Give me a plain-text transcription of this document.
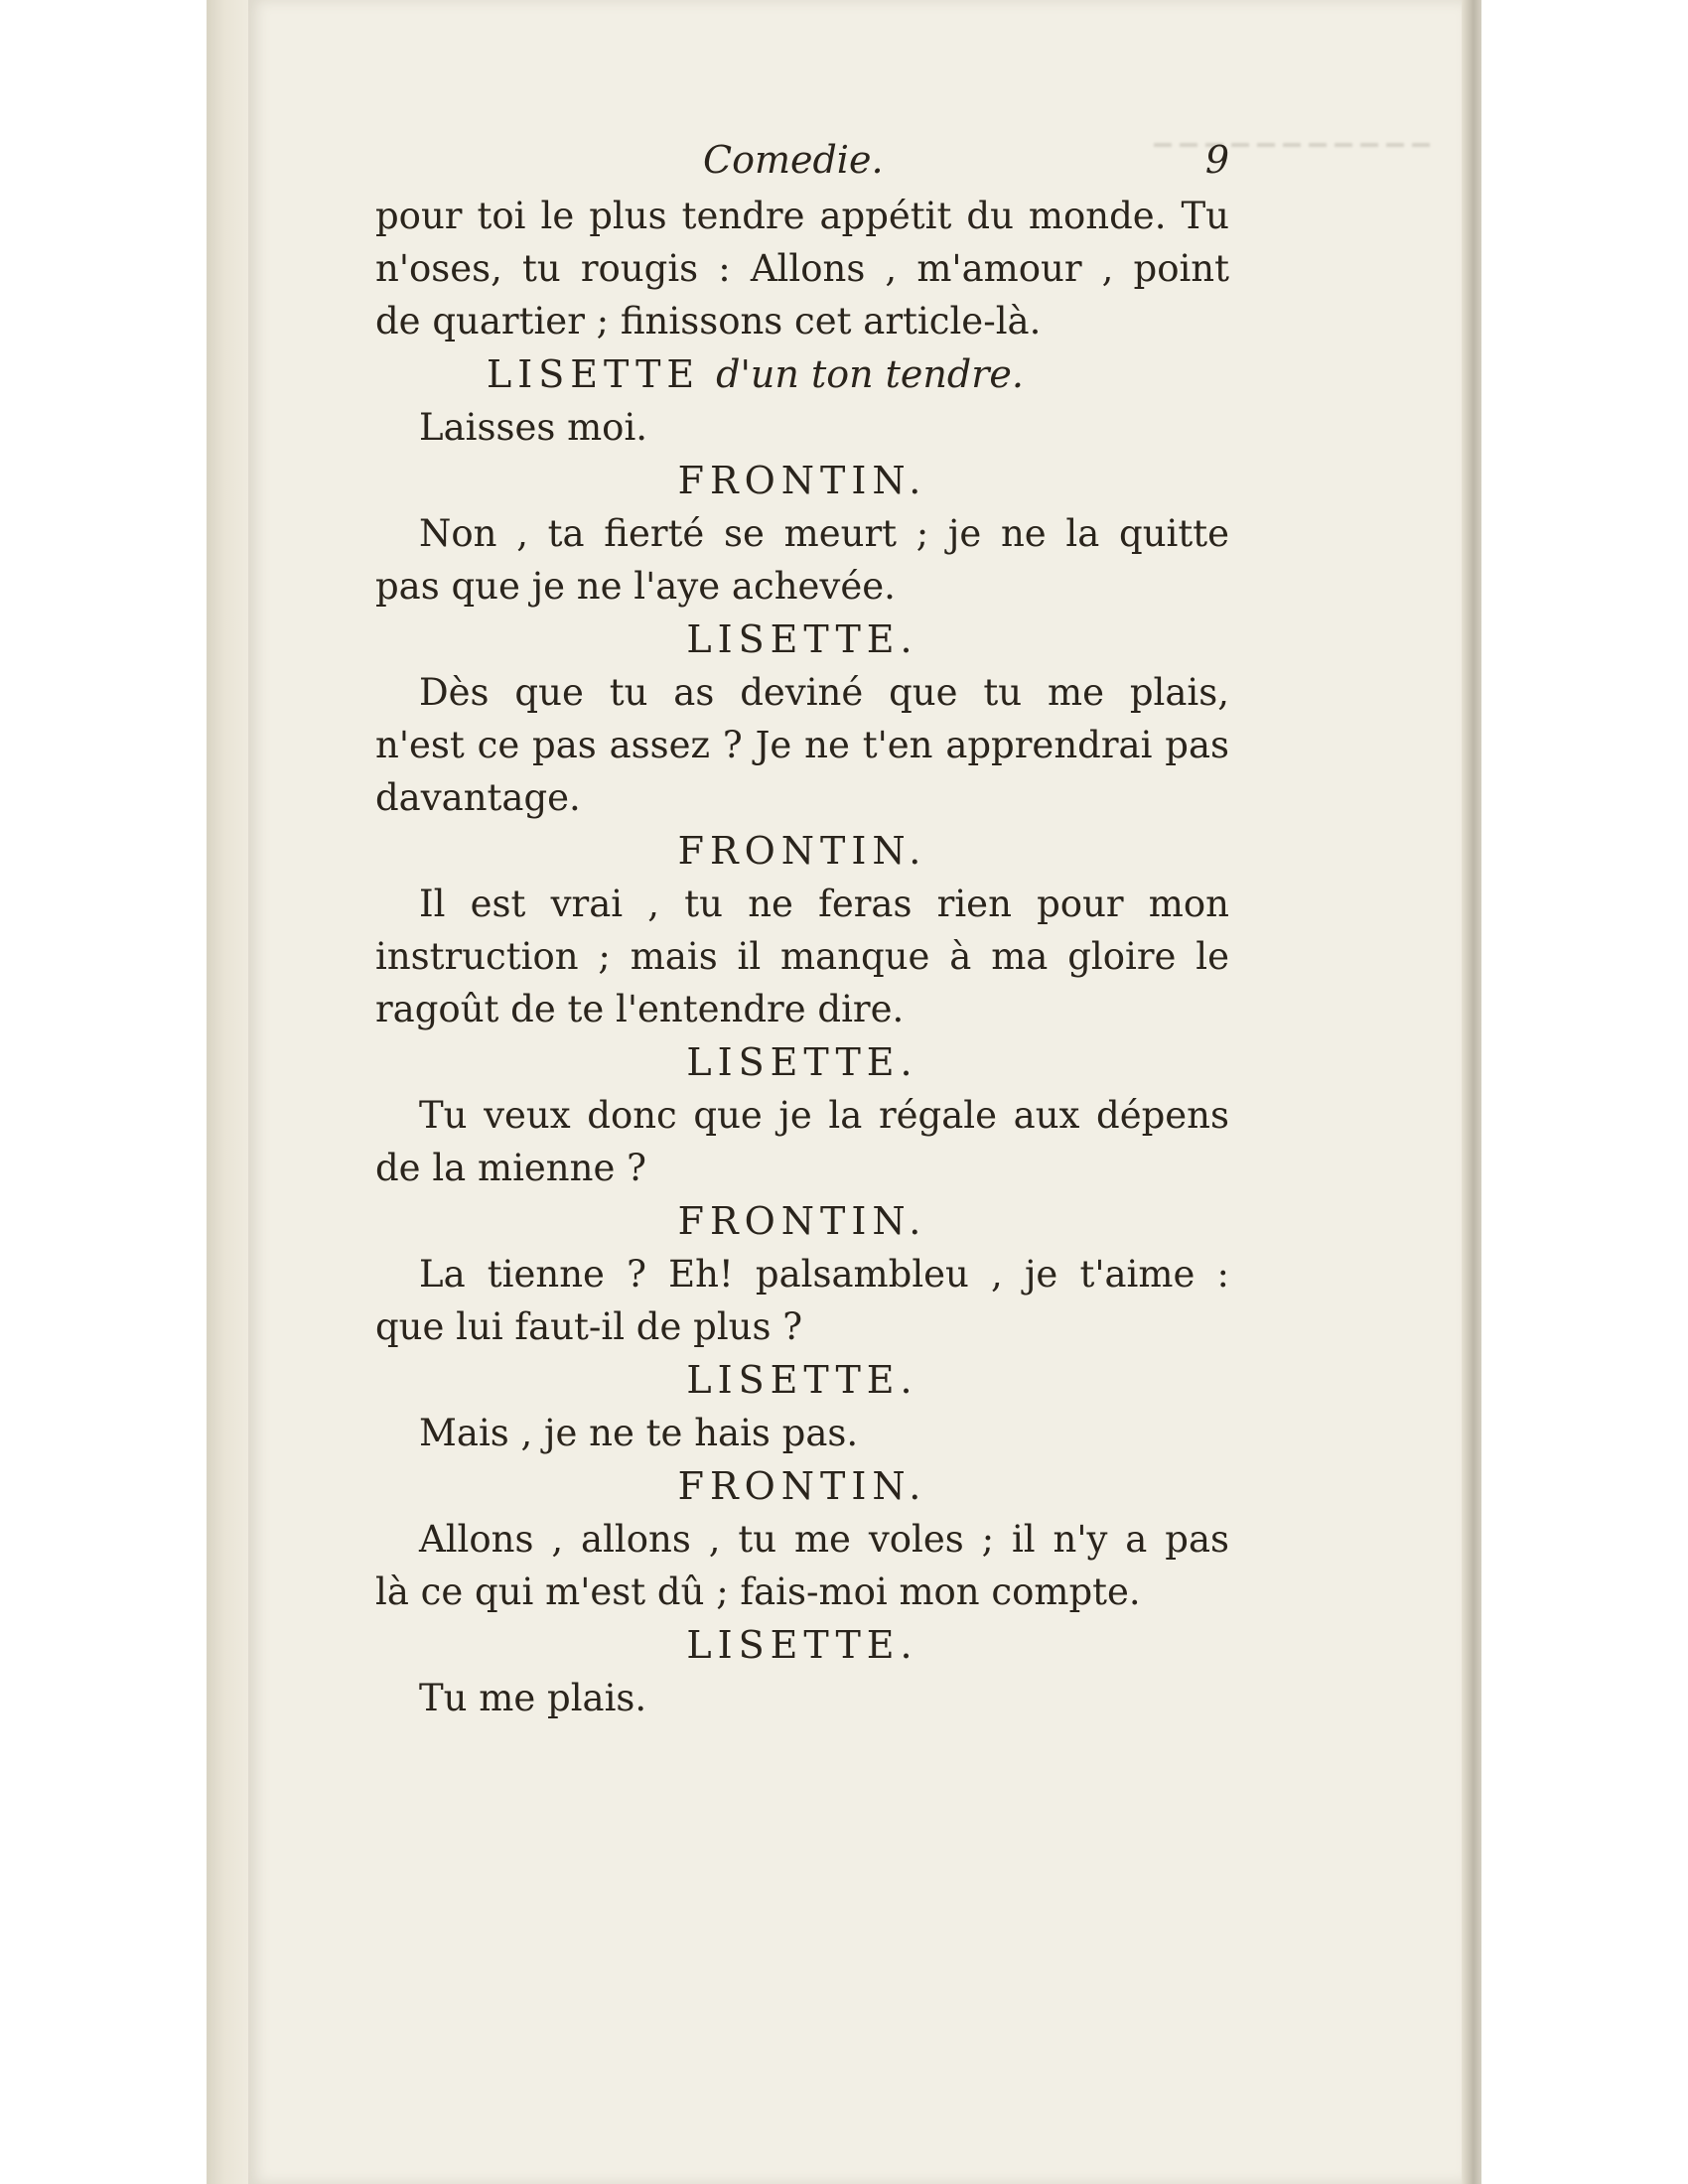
Comedie.	9
pour toi le plus tendre appétit du monde. Tu
n'oses, tu rougis : Allons , m'amour , point
de quartier ; finissons cet article-là.
LISETTE d'un ton tendre.
Laisses moi.
FRONTIN.
Non , ta fierté se meurt ; je ne la quitte
pas que je ne l'aye achevée.
LISETTE.
Dès que tu as deviné que tu me plais,
n'est ce pas assez ? Je ne t'en apprendrai pas
davantage.
FRONTIN.
Il est vrai , tu ne feras rien pour mon
instruction ; mais il manque à ma gloire le
ragoût de te l'entendre dire.
LISETTE.
Tu veux donc que je la régale aux dépens
de la mienne ?
FRONTIN.
La tienne ? Eh! palsambleu , je t'aime :
que lui faut-il de plus ?
LISETTE.
Mais , je ne te hais pas.
FRONTIN.
Allons , allons , tu me voles ; il n'y a pas
là ce qui m'est dû ; fais-moi mon compte.
LISETTE.
Tu me plais.
